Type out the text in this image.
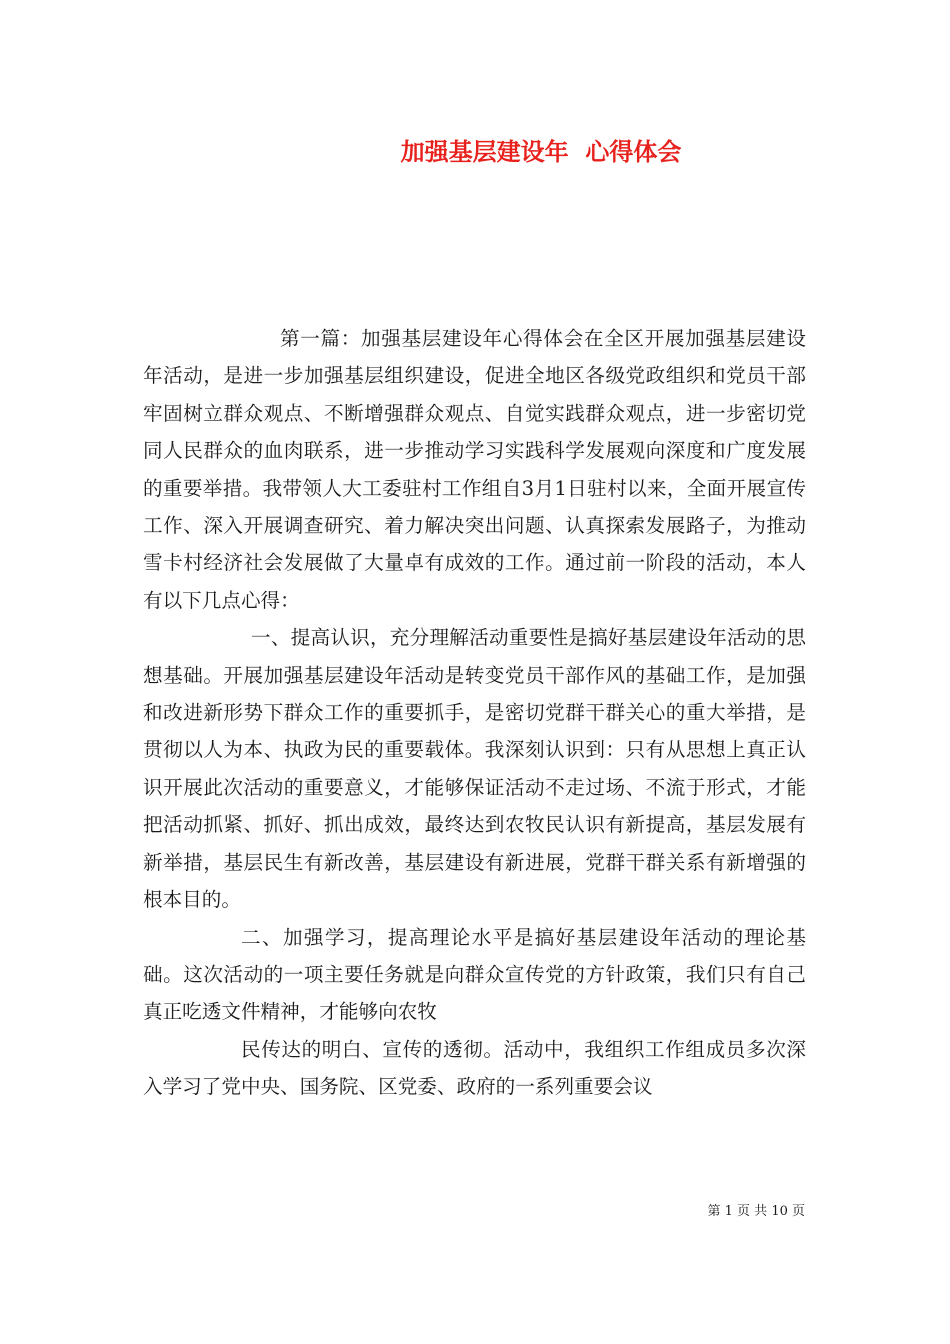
加强基层建设年  心得体会

第一篇：加强基层建设年心得体会在全区开展加强基层建设年活动，是进一步加强基层组织建设，促进全地区各级党政组织和党员干部牢固树立群众观点、不断增强群众观点、自觉实践群众观点，进一步密切党同人民群众的血肉联系，进一步推动学习实践科学发展观向深度和广度发展的重要举措。我带领人大工委驻村工作组自3月1日驻村以来，全面开展宣传工作、深入开展调查研究、着力解决突出问题、认真探索发展路子，为推动雪卡村经济社会发展做了大量卓有成效的工作。通过前一阶段的活动，本人有以下几点心得：

一、提高认识，充分理解活动重要性是搞好基层建设年活动的思想基础。开展加强基层建设年活动是转变党员干部作风的基础工作，是加强和改进新形势下群众工作的重要抓手，是密切党群干群关心的重大举措，是贯彻以人为本、执政为民的重要载体。我深刻认识到：只有从思想上真正认识开展此次活动的重要意义，才能够保证活动不走过场、不流于形式，才能把活动抓紧、抓好、抓出成效，最终达到农牧民认识有新提高，基层发展有新举措，基层民生有新改善，基层建设有新进展，党群干群关系有新增强的根本目的。

二、加强学习，提高理论水平是搞好基层建设年活动的理论基础。这次活动的一项主要任务就是向群众宣传党的方针政策，我们只有自己真正吃透文件精神，才能够向农牧

民传达的明白、宣传的透彻。活动中，我组织工作组成员多次深入学习了党中央、国务院、区党委、政府的一系列重要会议

第 1 页 共 10 页
